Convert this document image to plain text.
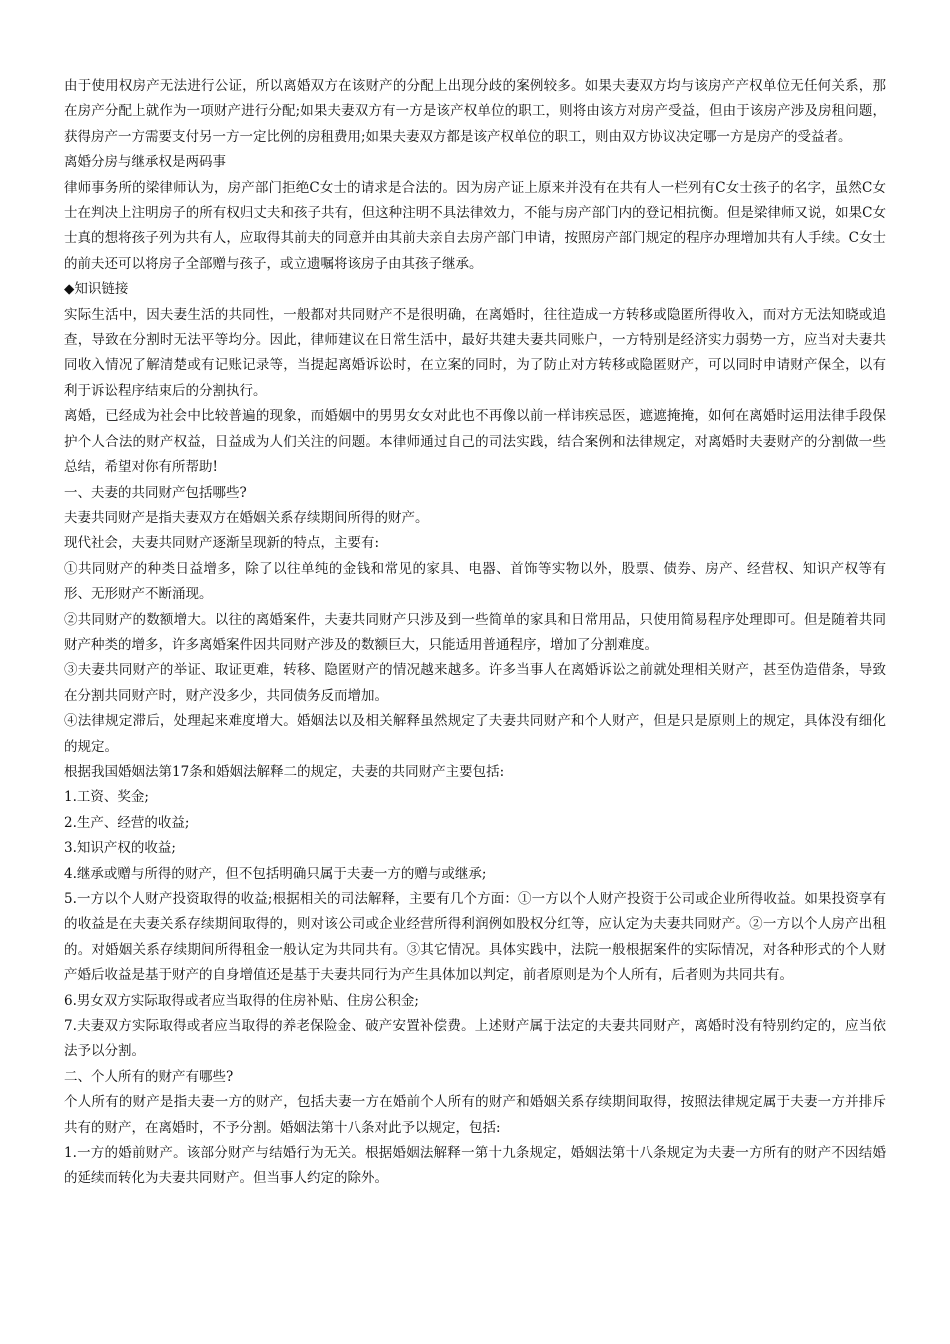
由于使用权房产无法进行公证，所以离婚双方在该财产的分配上出现分歧的案例较多。如果夫妻双方均与该房产产权单位无任何关系，那在房产分配上就作为一项财产进行分配;如果夫妻双方有一方是该产权单位的职工，则将由该方对房产受益，但由于该房产涉及房租问题，获得房产一方需要支付另一方一定比例的房租费用;如果夫妻双方都是该产权单位的职工，则由双方协议决定哪一方是房产的受益者。

离婚分房与继承权是两码事

律师事务所的梁律师认为，房产部门拒绝C女士的请求是合法的。因为房产证上原来并没有在共有人一栏列有C女士孩子的名字，虽然C女士在判决上注明房子的所有权归丈夫和孩子共有，但这种注明不具法律效力，不能与房产部门内的登记相抗衡。但是梁律师又说，如果C女士真的想将孩子列为共有人，应取得其前夫的同意并由其前夫亲自去房产部门申请，按照房产部门规定的程序办理增加共有人手续。C女士的前夫还可以将房子全部赠与孩子，或立遗嘱将该房子由其孩子继承。

◆知识链接

实际生活中，因夫妻生活的共同性，一般都对共同财产不是很明确，在离婚时，往往造成一方转移或隐匿所得收入，而对方无法知晓或追查，导致在分割时无法平等均分。因此，律师建议在日常生活中，最好共建夫妻共同账户，一方特别是经济实力弱势一方，应当对夫妻共同收入情况了解清楚或有记账记录等，当提起离婚诉讼时，在立案的同时，为了防止对方转移或隐匿财产，可以同时申请财产保全，以有利于诉讼程序结束后的分割执行。

离婚，已经成为社会中比较普遍的现象，而婚姻中的男男女女对此也不再像以前一样讳疾忌医，遮遮掩掩，如何在离婚时运用法律手段保护个人合法的财产权益，日益成为人们关注的问题。本律师通过自己的司法实践，结合案例和法律规定，对离婚时夫妻财产的分割做一些总结，希望对你有所帮助!

一、夫妻的共同财产包括哪些?

夫妻共同财产是指夫妻双方在婚姻关系存续期间所得的财产。

现代社会，夫妻共同财产逐渐呈现新的特点，主要有:

①共同财产的种类日益增多，除了以往单纯的金钱和常见的家具、电器、首饰等实物以外，股票、债券、房产、经营权、知识产权等有形、无形财产不断涌现。

②共同财产的数额增大。以往的离婚案件，夫妻共同财产只涉及到一些简单的家具和日常用品，只使用简易程序处理即可。但是随着共同财产种类的增多，许多离婚案件因共同财产涉及的数额巨大，只能适用普通程序，增加了分割难度。

③夫妻共同财产的举证、取证更难，转移、隐匿财产的情况越来越多。许多当事人在离婚诉讼之前就处理相关财产，甚至伪造借条，导致在分割共同财产时，财产没多少，共同债务反而增加。

④法律规定滞后，处理起来难度增大。婚姻法以及相关解释虽然规定了夫妻共同财产和个人财产，但是只是原则上的规定，具体没有细化的规定。

根据我国婚姻法第17条和婚姻法解释二的规定，夫妻的共同财产主要包括:

1.工资、奖金;

2.生产、经营的收益;

3.知识产权的收益;

4.继承或赠与所得的财产，但不包括明确只属于夫妻一方的赠与或继承;

5.一方以个人财产投资取得的收益;根据相关的司法解释，主要有几个方面：①一方以个人财产投资于公司或企业所得收益。如果投资享有的收益是在夫妻关系存续期间取得的，则对该公司或企业经营所得利润例如股权分红等，应认定为夫妻共同财产。②一方以个人房产出租的。对婚姻关系存续期间所得租金一般认定为共同共有。③其它情况。具体实践中，法院一般根据案件的实际情况，对各种形式的个人财产婚后收益是基于财产的自身增值还是基于夫妻共同行为产生具体加以判定，前者原则是为个人所有，后者则为共同共有。

6.男女双方实际取得或者应当取得的住房补贴、住房公积金;

7.夫妻双方实际取得或者应当取得的养老保险金、破产安置补偿费。上述财产属于法定的夫妻共同财产，离婚时没有特别约定的，应当依法予以分割。

二、个人所有的财产有哪些?

个人所有的财产是指夫妻一方的财产，包括夫妻一方在婚前个人所有的财产和婚姻关系存续期间取得，按照法律规定属于夫妻一方并排斥共有的财产，在离婚时，不予分割。婚姻法第十八条对此予以规定，包括:

1.一方的婚前财产。该部分财产与结婚行为无关。根据婚姻法解释一第十九条规定，婚姻法第十八条规定为夫妻一方所有的财产不因结婚的延续而转化为夫妻共同财产。但当事人约定的除外。
